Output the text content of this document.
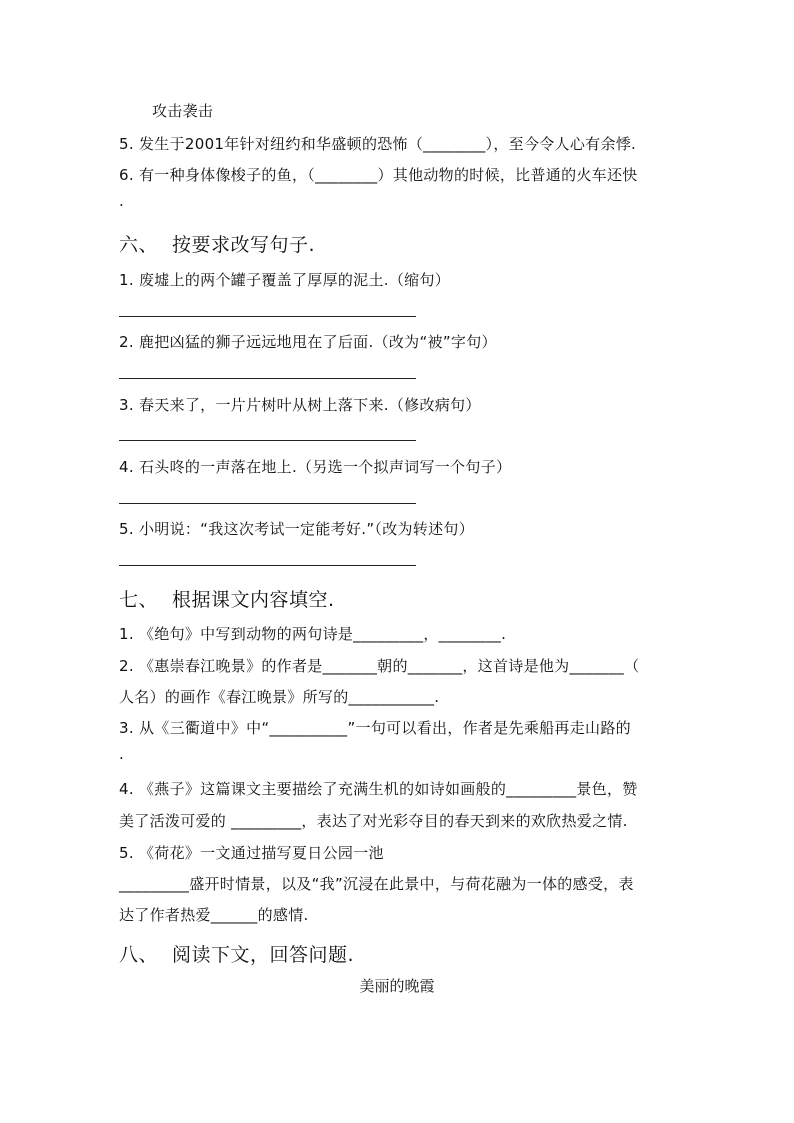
攻击袭击
5. 发生于2001年针对纽约和华盛顿的恐怖（________），至今令人心有余悸.
6. 有一种身体像梭子的鱼，（________）其他动物的时候，比普通的火车还快
.
六、 按要求改写句子.
1. 废墟上的两个罐子覆盖了厚厚的泥土.（缩句）
2. 鹿把凶猛的狮子远远地甩在了后面.（改为“被”字句）
3. 春天来了，一片片树叶从树上落下来.（修改病句）
4. 石头咚的一声落在地上.（另选一个拟声词写一个句子）
5. 小明说：“我这次考试一定能考好.”（改为转述句）
七、 根据课文内容填空.
1. 《绝句》中写到动物的两句诗是_________，________.
2. 《惠崇春江晚景》的作者是_______朝的_______，这首诗是他为_______（
人名）的画作《春江晚景》所写的___________.
3. 从《三衢道中》中“__________”一句可以看出，作者是先乘船再走山路的
.
4. 《燕子》这篇课文主要描绘了充满生机的如诗如画般的_________景色，赞
美了活泼可爱的 _________，表达了对光彩夺目的春天到来的欢欣热爱之情.
5. 《荷花》一文通过描写夏日公园一池
_________盛开时情景，以及“我”沉浸在此景中，与荷花融为一体的感受，表
达了作者热爱______的感情.
八、 阅读下文，回答问题.
美丽的晚霞
